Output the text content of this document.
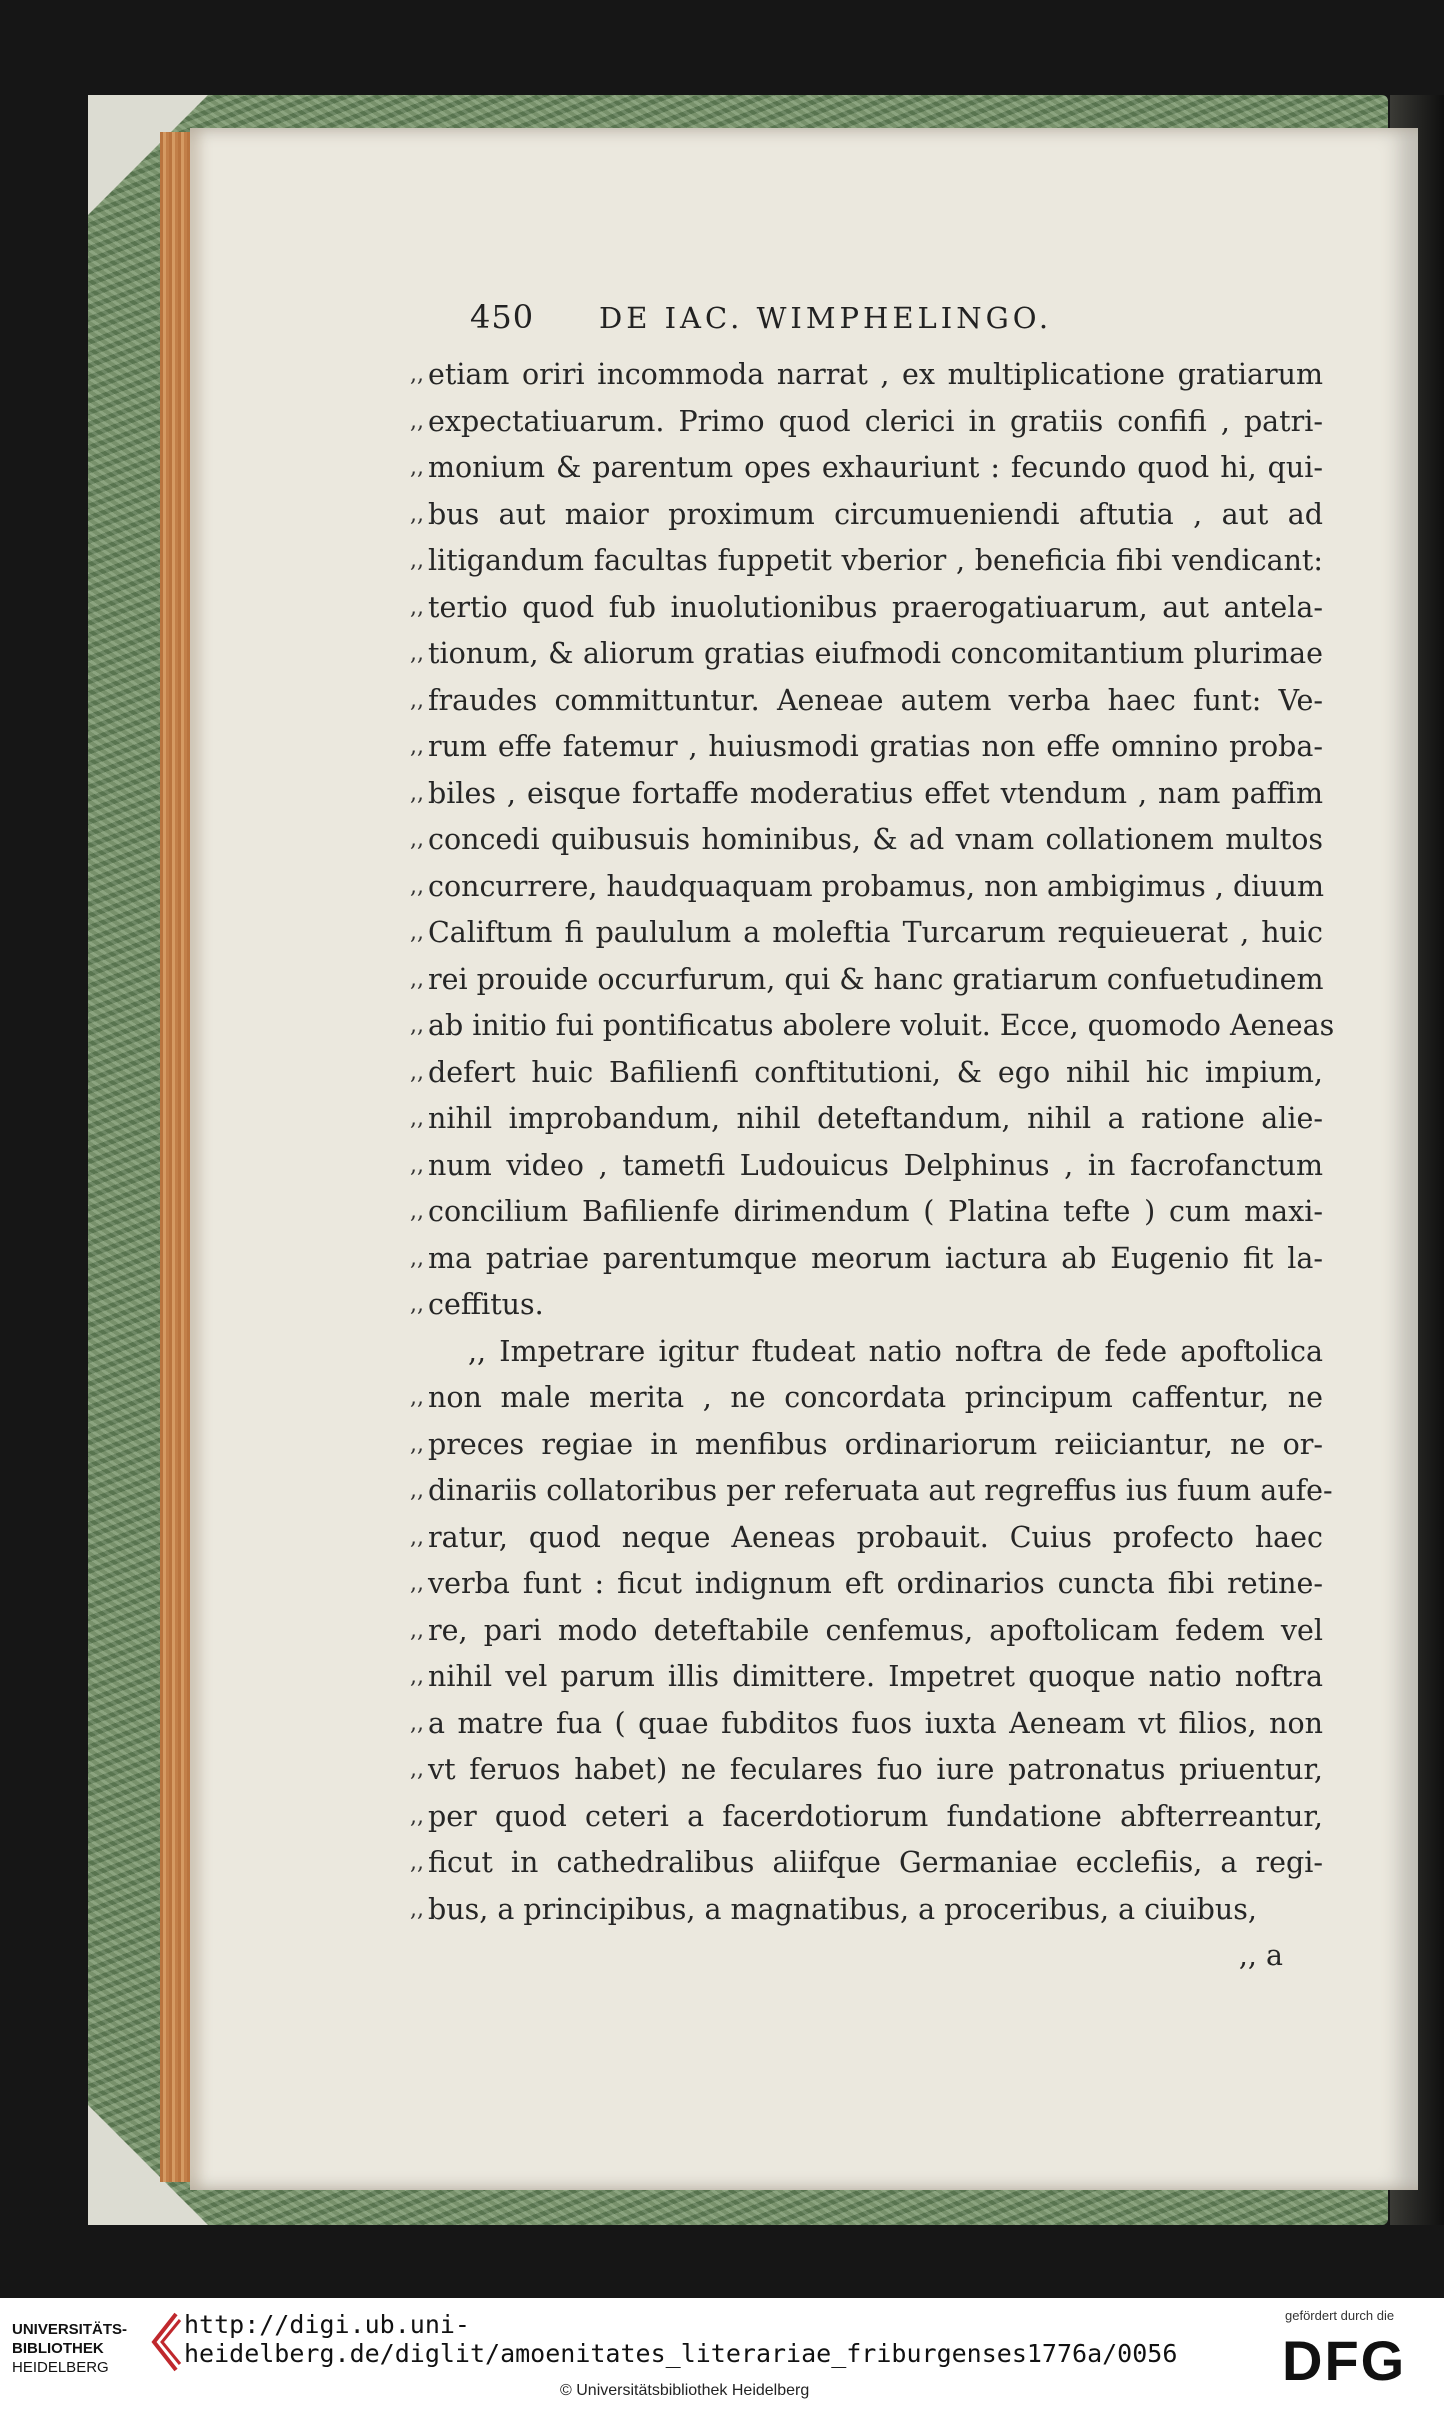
450 DE IAC. WIMPHELINGO.
,, etiam oriri incommoda narrat , ex multiplicatione gratiarum
,, expectatiuarum. Primo quod clerici in gratiis confifi , patri-
,, monium & parentum opes exhauriunt : fecundo quod hi, qui-
,, bus aut maior proximum circumueniendi aftutia , aut ad
,, litigandum facultas fuppetit vberior , beneficia fibi vendicant:
,, tertio quod fub inuolutionibus praerogatiuarum, aut antela-
,, tionum, & aliorum gratias eiufmodi concomitantium plurimae
,, fraudes committuntur. Aeneae autem verba haec funt: Ve-
,, rum effe fatemur , huiusmodi gratias non effe omnino proba-
,, biles , eisque fortaffe moderatius effet vtendum , nam paffim
,, concedi quibusuis hominibus, & ad vnam collationem multos
,, concurrere, haudquaquam probamus, non ambigimus , diuum
,, Califtum fi paululum a moleftia Turcarum requieuerat , huic
,, rei prouide occurfurum, qui & hanc gratiarum confuetudinem
,, ab initio fui pontificatus abolere voluit. Ecce, quomodo Aeneas
,, defert huic Bafilienfi conftitutioni, & ego nihil hic impium,
,, nihil improbandum, nihil deteftandum, nihil a ratione alie-
,, num video , tametfi Ludouicus Delphinus , in facrofanctum
,, concilium Bafilienfe dirimendum ( Platina tefte ) cum maxi-
,, ma patriae parentumque meorum iactura ab Eugenio fit la-
,, ceffitus.
,, Impetrare igitur ftudeat natio noftra de fede apoftolica
,, non male merita , ne concordata principum caffentur, ne
,, preces regiae in menfibus ordinariorum reiiciantur, ne or-
,, dinariis collatoribus per referuata aut regreffus ius fuum aufe-
,, ratur, quod neque Aeneas probauit. Cuius profecto haec
,, verba funt : ficut indignum eft ordinarios cuncta fibi retine-
,, re, pari modo deteftabile cenfemus, apoftolicam fedem vel
,, nihil vel parum illis dimittere. Impetret quoque natio noftra
,, a matre fua ( quae fubditos fuos iuxta Aeneam vt filios, non
,, vt feruos habet) ne feculares fuo iure patronatus priuentur,
,, per quod ceteri a facerdotiorum fundatione abfterreantur,
,, ficut in cathedralibus aliifque Germaniae ecclefiis, a regi-
,, bus, a principibus, a magnatibus, a proceribus, a ciuibus,
,, a
UNIVERSITÄTS-
BIBLIOTHEK
HEIDELBERG
http://digi.ub.uni-heidelberg.de/diglit/amoenitates_literariae_friburgenses1776a/0056
© Universitätsbibliothek Heidelberg
gefördert durch die
DFG
